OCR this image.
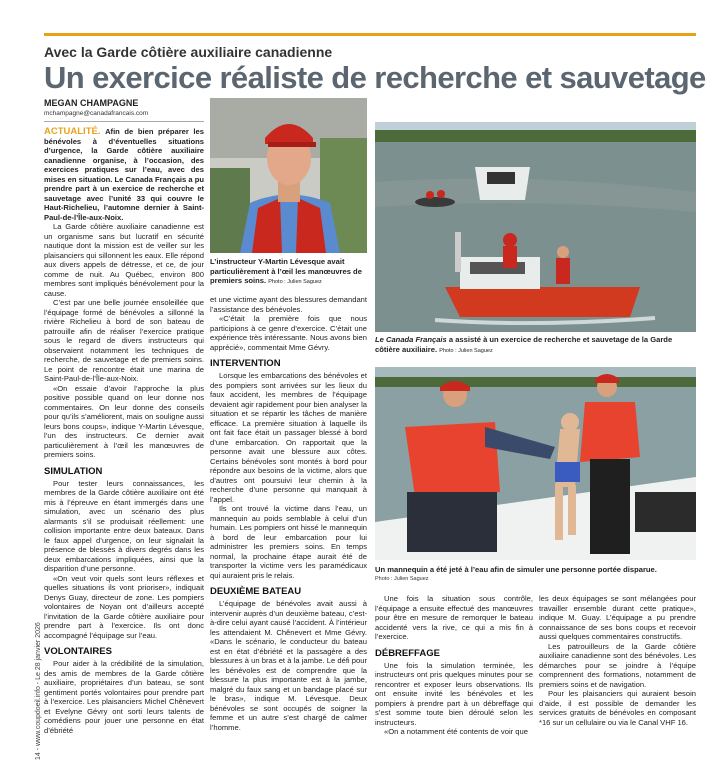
Avec la Garde côtière auxiliaire canadienne
Un exercice réaliste de recherche et sauvetage
MEGAN CHAMPAGNE
mchampagne@canadafrancais.com
14 - www.coupdoeil.info - Le 28 janvier 2026

ACTUALITÉ. Afin de bien préparer les bénévoles à d’éventuelles situations d’urgence, la Garde côtière auxiliaire canadienne organise, à l’occasion, des exercices pratiques sur l’eau, avec des mises en situation. Le Canada Français a pu prendre part à un exercice de recherche et sauvetage avec l’unité 33 qui couvre le Haut-Richelieu, l’automne dernier à Saint-Paul-de-l’Île-aux-Noix.

La Garde côtière auxiliaire canadienne est un organisme sans but lucratif en sécurité nautique dont la mission est de veiller sur les plaisanciers qui sillonnent les eaux. Elle répond aux divers appels de détresse, et ce, de jour comme de nuit. Au Québec, environ 800 membres sont impliqués bénévolement pour la cause.

C’est par une belle journée ensoleillée que l’équipage formé de bénévoles a sillonné la rivière Richelieu à bord de son bateau de patrouille afin de réaliser l’exercice pratique sous le regard de divers instructeurs qui observaient notamment les techniques de recherche, de sauvetage et de premiers soins. Le point de rencontre était une marina de Saint-Paul-de-l’Île-aux-Noix.

«On essaie d’avoir l’approche la plus positive possible quand on leur donne nos commentaires. On leur donne des conseils pour qu’ils s’améliorent, mais on souligne aussi leurs bons coups», indique Y-Martin Lévesque, l’un des instructeurs. Ce dernier avait particulièrement à l’œil les manœuvres de premiers soins.

SIMULATION

Pour tester leurs connaissances, les membres de la Garde côtière auxiliaire ont été mis à l’épreuve en étant immergés dans une simulation, avec un scénario des plus alarmants s’il se produisait réellement: une collision importante entre deux bateaux. Dans le faux appel d’urgence, on leur signalait la présence de blessés à divers degrés dans les deux embarcations impliquées, ainsi que la disparition d’une personne.

«On veut voir quels sont leurs réflexes et quelles situations ils vont prioriser», indiquait Denys Guay, directeur de zone. Les pompiers volontaires de Noyan ont d’ailleurs accepté l’invitation de la Garde côtière auxiliaire pour prendre part à l’exercice. Ils ont donc accompagné l’équipage sur l’eau.

VOLONTAIRES

Pour aider à la crédibilité de la simulation, des amis de membres de la Garde côtière auxiliaire, propriétaires d’un bateau, se sont gentiment portés volontaires pour prendre part à l’exercice. Les plaisanciers Michel Chênevert et Evelyne Gévry ont sorti leurs talents de comédiens pour jouer une personne en état d’ébriété

L’instructeur Y-Martin Lévesque avait particulièrement à l’œil les manœuvres de premiers soins. Photo : Julien Saguez

et une victime ayant des blessures demandant l’assistance des bénévoles.

«C’était la première fois que nous participions à ce genre d’exercice. C’était une expérience très intéressante. Nous avons bien apprécié», commentait Mme Gévry.

INTERVENTION

Lorsque les embarcations des bénévoles et des pompiers sont arrivées sur les lieux du faux accident, les membres de l’équipage devaient agir rapidement pour bien analyser la situation et se répartir les tâches de manière efficace. La première situation à laquelle ils ont fait face était un passager blessé à bord d’une embarcation. On rapportait que la personne avait une blessure aux côtes. Certains bénévoles sont montés à bord pour répondre aux besoins de la victime, alors que d’autres ont poursuivi leur chemin à la recherche d’une personne qui manquait à l’appel.

Ils ont trouvé la victime dans l’eau, un mannequin au poids semblable à celui d’un humain. Les pompiers ont hissé le mannequin à bord de leur embarcation pour lui administrer les premiers soins. En temps normal, la prochaine étape aurait été de transporter la victime vers les paramédicaux qui auraient pris le relais.

DEUXIÈME BATEAU

L’équipage de bénévoles avait aussi à intervenir auprès d’un deuxième bateau, c’est-à-dire celui ayant causé l’accident. À l’intérieur les attendaient M. Chênevert et Mme Gévry. «Dans le scénario, le conducteur du bateau est en état d’ébriété et la passagère a des blessures à un bras et à la jambe. Le défi pour les bénévoles est de comprendre que la blessure la plus importante est à la jambe, malgré du faux sang et un bandage placé sur le bras», indique M. Lévesque. Deux bénévoles se sont occupés de soigner la femme et un autre s’est chargé de calmer l’homme.

Le Canada Français a assisté à un exercice de recherche et sauvetage de la Garde côtière auxiliaire. Photo : Julien Saguez
Un mannequin a été jeté à l’eau afin de simuler une personne portée disparue.
Photo : Julien Saguez

Une fois la situation sous contrôle, l’équipage a ensuite effectué des manœuvres pour être en mesure de remorquer le bateau accidenté vers la rive, ce qui a mis fin à l’exercice.

DÉBREFFAGE

Une fois la simulation terminée, les instructeurs ont pris quelques minutes pour se rencontrer et exposer leurs observations. Ils ont ensuite invité les bénévoles et les pompiers à prendre part à un débreffage qui s’est somme toute bien déroulé selon les instructeurs.

«On a notamment été contents de voir que

les deux équipages se sont mélangées pour travailler ensemble durant cette pratique», indique M. Guay. L’équipage a pu prendre connaissance de ses bons coups et recevoir aussi quelques commentaires constructifs.

Les patrouilleurs de la Garde côtière auxiliaire canadienne sont des bénévoles. Les démarches pour se joindre à l’équipe comprennent des formations, notamment de premiers soins et de navigation.

Pour les plaisanciers qui auraient besoin d’aide, il est possible de demander les services gratuits de bénévoles en composant *16 sur un cellulaire ou via le Canal VHF 16.
